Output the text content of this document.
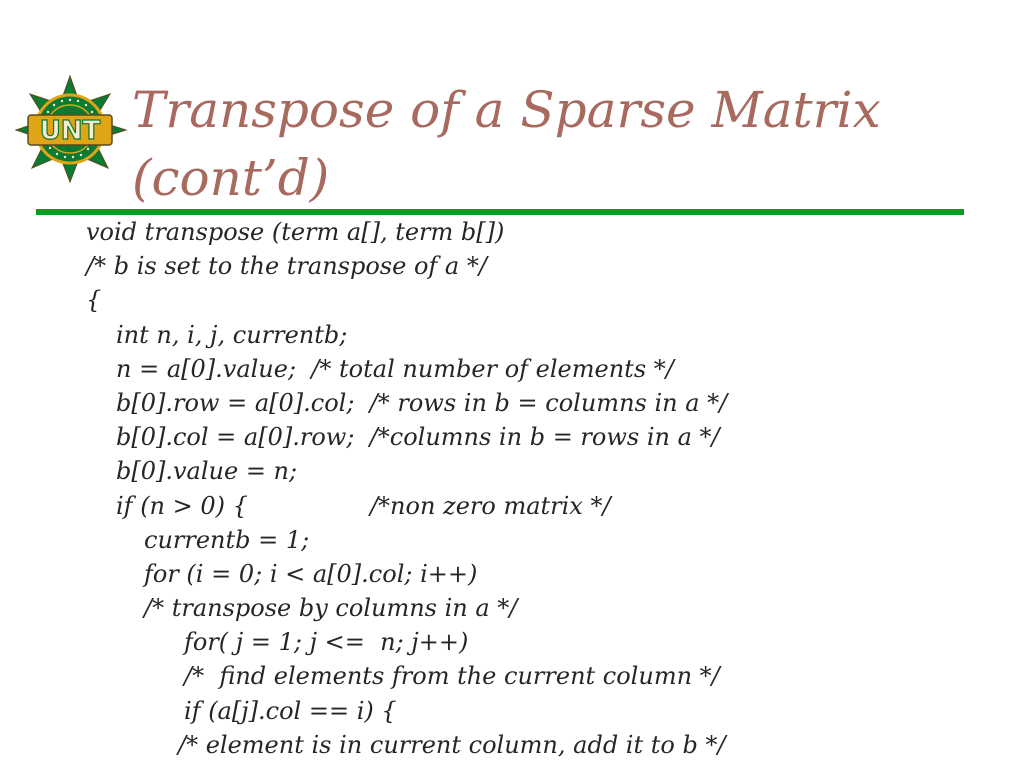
UNT Transpose of a Sparse Matrix
(cont’d)
void transpose (term a[], term b[])
/* b is set to the transpose of a */
{
int n, i, j, currentb;
n = a[0].value;  /* total number of elements */
b[0].row = a[0].col;  /* rows in b = columns in a */
b[0].col = a[0].row;  /*columns in b = rows in a */
b[0].value = n;
if (n > 0) {                /*non zero matrix */
currentb = 1;
for (i = 0; i < a[0].col; i++)
/* transpose by columns in a */
for( j = 1; j <=  n; j++)
/*  find elements from the current column */
if (a[j].col == i) {
/* element is in current column, add it to b */
